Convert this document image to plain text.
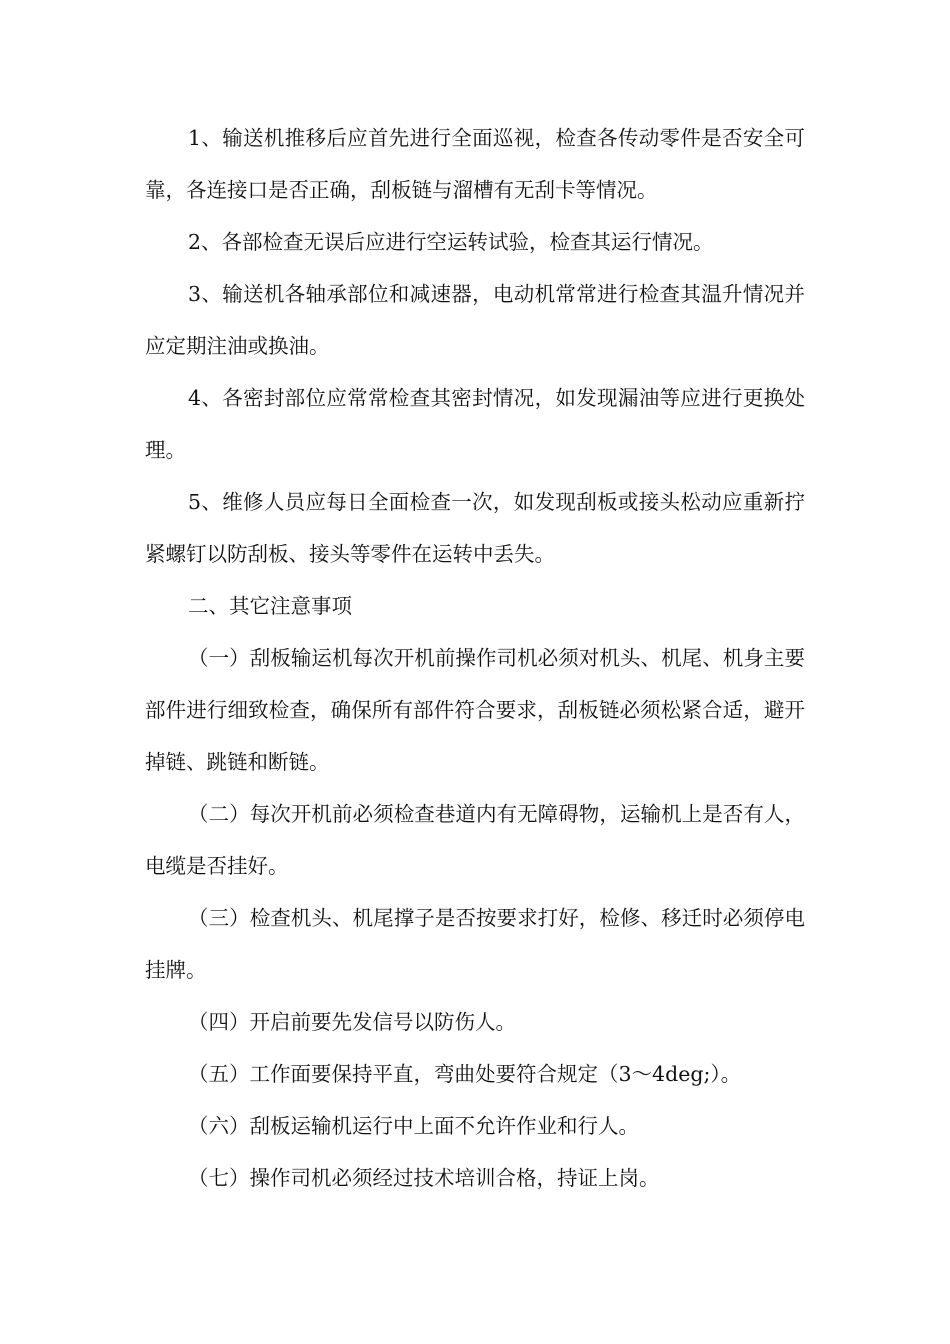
1、输送机推移后应首先进行全面巡视，检查各传动零件是否安全可靠，各连接口是否正确，刮板链与溜槽有无刮卡等情况。

2、各部检查无误后应进行空运转试验，检查其运行情况。

3、输送机各轴承部位和减速器，电动机常常进行检查其温升情况并应定期注油或换油。

4、各密封部位应常常检查其密封情况，如发现漏油等应进行更换处理。

5、维修人员应每日全面检查一次，如发现刮板或接头松动应重新拧紧螺钉以防刮板、接头等零件在运转中丢失。

二、其它注意事项

（一）刮板输运机每次开机前操作司机必须对机头、机尾、机身主要部件进行细致检查，确保所有部件符合要求，刮板链必须松紧合适，避开掉链、跳链和断链。

（二）每次开机前必须检查巷道内有无障碍物，运输机上是否有人，电缆是否挂好。

（三）检查机头、机尾撑子是否按要求打好，检修、移迁时必须停电挂牌。

（四）开启前要先发信号以防伤人。

（五）工作面要保持平直，弯曲处要符合规定（3～4deg;）。

（六）刮板运输机运行中上面不允许作业和行人。

（七）操作司机必须经过技术培训合格，持证上岗。
